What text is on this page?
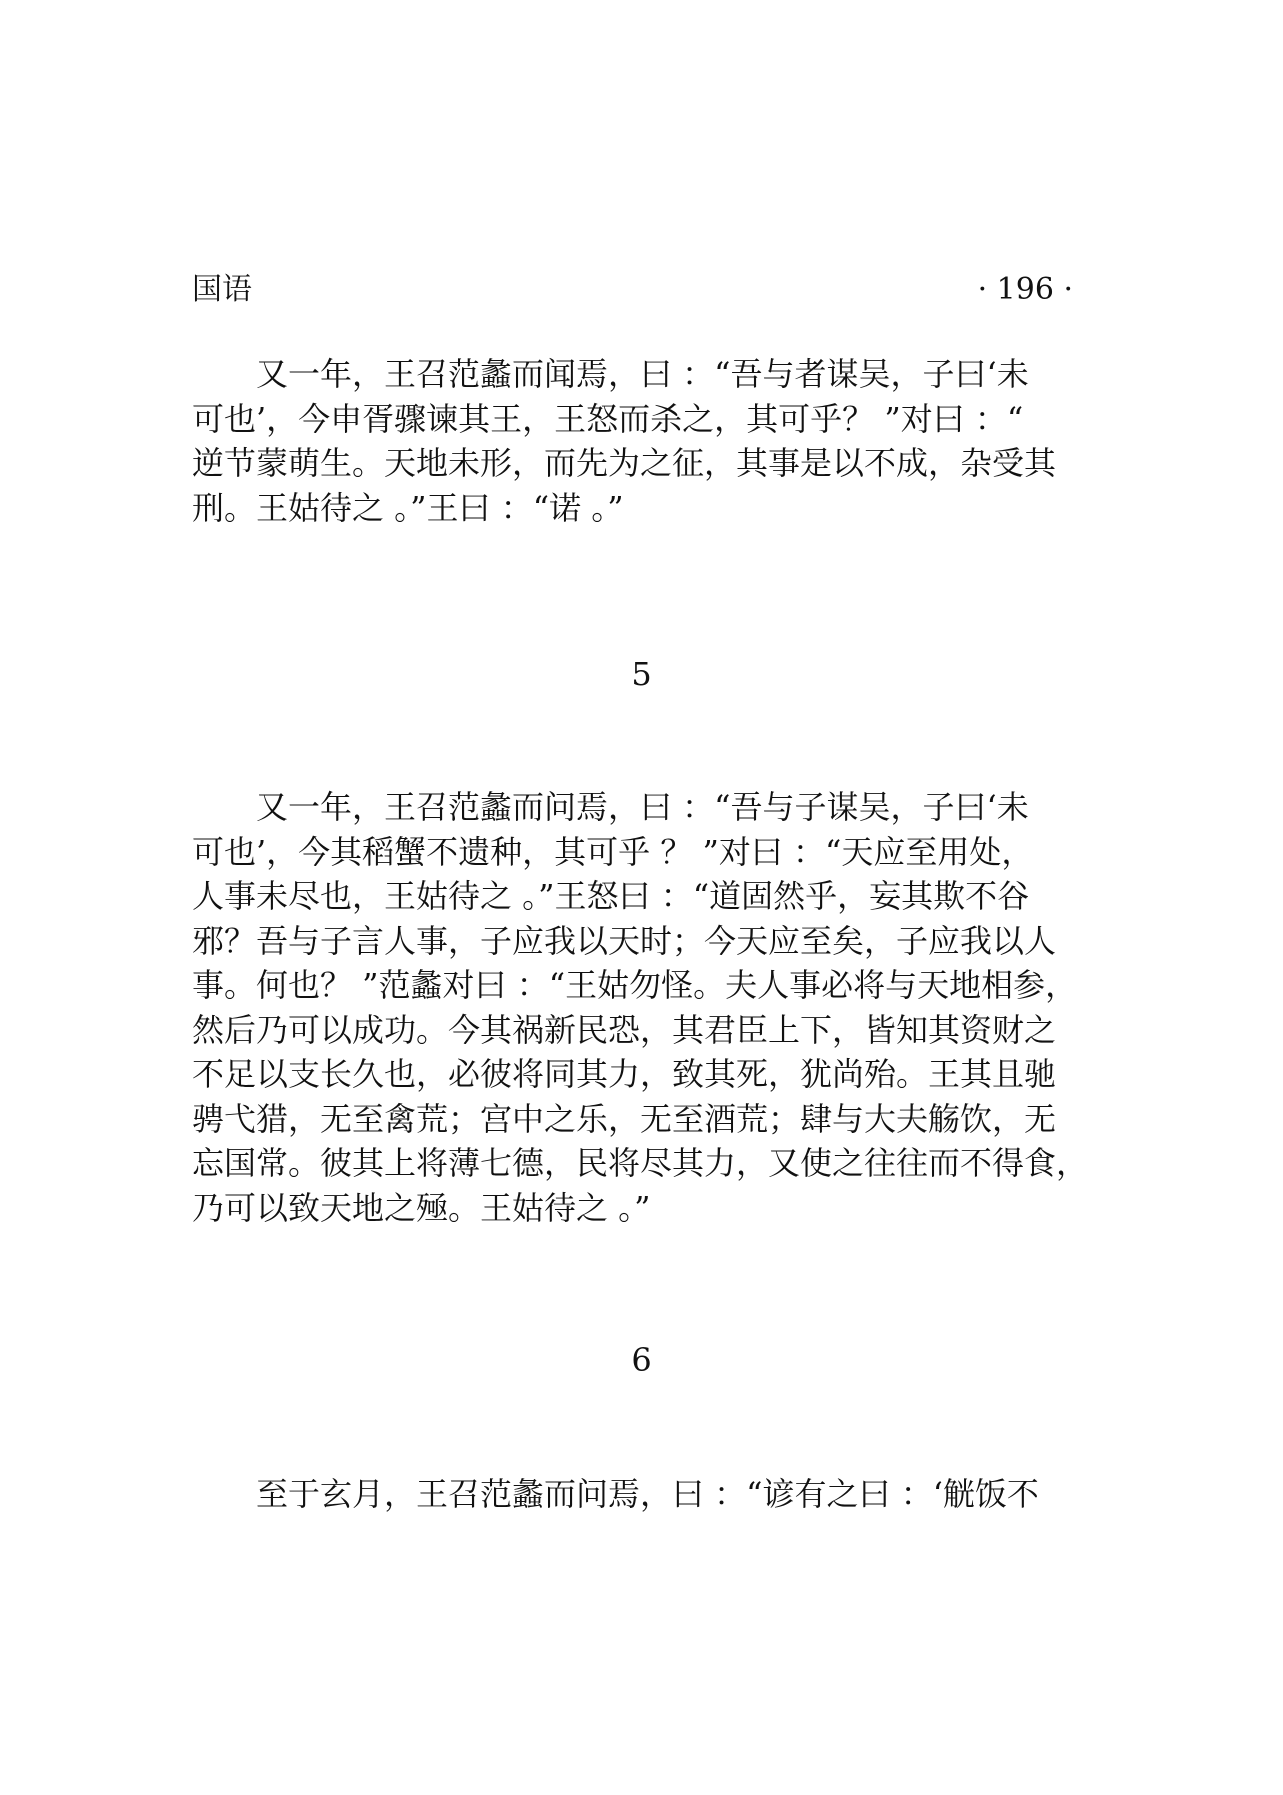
国语	· 196 ·

　　又一年，王召范蠡而闻焉，曰 ：“吾与者谋吴，子曰‘未
可也’，今申胥骤谏其王，王怒而杀之，其可乎？ ”对曰 ：“
逆节蒙萌生。天地未形，而先为之征，其事是以不成，杂受其
刑。王姑待之 。”王曰 ：“诺 。”

5

　　又一年，王召范蠡而问焉，曰 ：“吾与子谋吴，子曰‘未
可也’，今其稻蟹不遗种，其可乎 ？ ”对曰 ：“天应至用处，
人事未尽也，王姑待之 。”王怒曰 ：“道固然乎，妄其欺不谷
邪？吾与子言人事，子应我以天时；今天应至矣，子应我以人
事。何也？ ”范蠡对曰 ：“王姑勿怪。夫人事必将与天地相参，
然后乃可以成功。今其祸新民恐，其君臣上下，皆知其资财之
不足以支长久也，必彼将同其力，致其死，犹尚殆。王其且驰
骋弋猎，无至禽荒；宫中之乐，无至酒荒；肆与大夫觞饮，无
忘国常。彼其上将薄七德，民将尽其力，又使之往往而不得食，
乃可以致天地之殛。王姑待之 。”

6

　　至于玄月，王召范蠡而问焉，曰 ：“谚有之曰 ：‘觥饭不
